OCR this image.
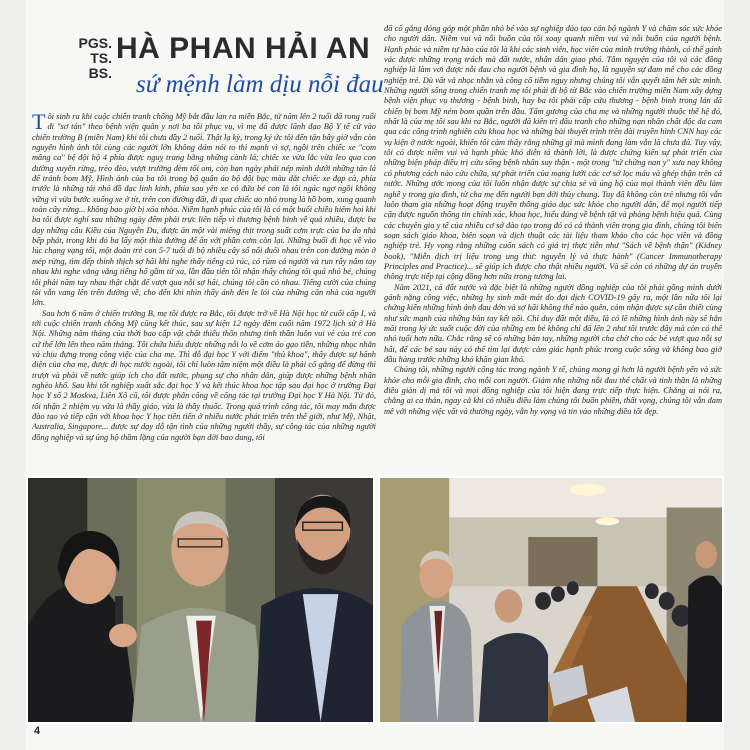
PGS.
TS. BS.
HÀ PHAN HẢI AN
sứ mệnh làm dịu nỗi đau

Tôi sinh ra khi cuộc chiến tranh chống Mỹ bắt đầu lan ra miền Bắc, từ năm lên 2 tuổi đã rong ruổi đi "sơ tán" theo bệnh viện quân y nơi ba tôi phục vụ, vì mẹ đã được lãnh đạo Bộ Y tế cử vào chiến trường B (miền Nam) khi tôi chưa đầy 2 tuổi. Thật lạ kỳ, trong ký ức tôi đến tận bây giờ vẫn còn nguyên hình ảnh tôi cùng các người lớn không dám nói to thì mạnh vì sợ, ngồi trên chiếc xe "com măng ca" bệ đội hộ 4 phía được nguỵ trang bằng những cành lá; chiếc xe vừa lắc vừa leo qua con đường xuyên rừng, trèo đèo, vượt trường đèm tối om, còn bạn ngày phải nép mình dưới những tán lá để tránh bom Mỹ. Hình ảnh của ba tôi trong bộ quân áo bộ đội bạc màu dắt chiếc xe đạp cà, phía trước là những tải nhỏ đồ đạc linh kinh, phía sau yên xe có đứa bé con là tôi ngác ngơ ngồi không vững vì vừa bước xuống xe ở tít, trên con đường đất, đi qua chiếc ao nhỏ trong là hồ bom, xung quanh toàn cây rừng... không bao giờ bị xóa nhòa. Niềm hạnh phúc của tôi là có một buổi chiều hiếm hoi khi ba tôi được nghỉ sau những ngày đêm phải trực liên tiếp vì thương bệnh binh về quá nhiều, được ba dạy những câu Kiều của Nguyễn Du, được ăn một vài miếng thịt trong suất cơm trực của ba do nhà bếp phát, trong khi đó ba lấy một thìa đường để ăn với phần cơm còn lại. Những buổi đi học về vào lúc chạng vạng tối, một đoàn trẻ con 5-7 tuổi đi bộ nhiều cây số nối đuôi nhau trên con đường mòn ở mép rừng, tìm đếp thinh thịch sợ hãi khi nghe thấy tiếng cú rúc, có rùm cả người và run rẩy năm tay nhau khi nghe vẳng vẳng tiếng hổ gầm từ xa, lần đầu tiên tôi nhận thấy chúng tôi quá nhỏ bé, chúng tôi phải năm tay nhau thật chặt để vượt qua nỗi sợ hãi, chúng tôi cần có nhau. Tiếng cười của chúng tôi vẫn vang lên trên đường về, cho đến khi nhìn thấy ánh đèn le lói của những căn nhà của người lớn.

Sau hơn 6 năm ở chiến trường B, mẹ tôi được ra Bắc, tôi được trở về Hà Nội học từ cuối cấp I, và tới cuộc chiến tranh chống Mỹ cũng kết thúc, sau sự kiện 12 ngày đêm cuối năm 1972 lịch sử ở Hà Nội. Những năm tháng của thời bao cấp vật chất thiếu thốn nhưng tinh thần luôn vui vẻ của trẻ con cứ thế lớn lên theo năm tháng. Tôi chứa hiểu được những nỗi lo về cơm áo gạo tiền, những nhọc nhằn và chịu đựng trong công việc của cha mẹ. Thì đỗ đại học Y với điểm "thủ khoa", thấy được sự hãnh diện của cha mẹ, được đi học nước ngoài, tôi chỉ luôn tâm niệm một điều là phải cố gắng để đừng thì trượt và phải về nước giúp ích cho đất nước, phụng sự cho nhân dân, giúp được những bệnh nhân nghèo khổ. Sau khi tốt nghiệp xuất sắc đại học Y và kết thúc khoa học tập sau đại học ở trường Đại học Y số 2 Moskva, Liên Xô cũ, tôi được phân công về công tác tại trường Đại học Y Hà Nội. Từ đó, tôi nhận 2 nhiệm vụ vừa là thầy giáo, vừa là thầy thuốc. Trong quá trình công tác, tôi may mắn được đào tạo và tiếp cận với khoa học Y học tiên tiến ở nhiều nước phát triển trên thế giới, như Mỹ, Nhật, Australia, Singapore... được sự dạy dỗ tận tình của những người thầy, sự công tác của những người đồng nghiệp và sự ủng hộ thầm lặng của người bạn đời bao dung, tôi

đã cố gắng đóng góp một phần nhỏ bé vào sự nghiệp đào tạo cán bộ ngành Y và chăm sóc sức khỏe cho người dân. Niềm vui và nỗi buồn của tôi xoay quanh niềm vui và nỗi buồn của người bệnh. Hạnh phúc và niềm tự hào của tôi là khi các sinh viên, học viên của mình trưởng thành, có thể gánh vác được những trọng trách mà đất nước, nhân dân giao phó. Tâm nguyện của tôi và các đồng nghiệp là làm vơi được nỗi đau cho người bệnh và gia đình họ, là nguyện sự đam mê cho các đồng nghiệp trẻ. Dù vất vả nhọc nhằn và công cố tiềm nguy nhưng chúng tôi vẫn quyết tâm hết sức mình. Những người sống trong chiến tranh mẹ tôi phải đi bộ từ Bắc vào chiến trường miền Nam xây dựng bệnh viện phục vụ thương - bệnh binh, hay ba tôi phải cấp cứu thương - bệnh binh trong lán dã chiến bị bom Mỹ ném bom quần trên đầu. Tấm gương của cha mẹ và những người thuộc thế hệ đó, nhất là của mẹ tôi sau khi ra Bắc, người đã kiên trì đấu tranh cho những nạn nhân chất độc da cam qua các công trình nghiên cứu khoa học và những bài thuyết trình trên đài truyền hình CNN hay các vụ kiện ở nước ngoài, khiến tôi cảm thấy rằng những gì mà mình đang làm vẫn là chưa đủ. Tuy vậy, tôi có được niềm vui và hạnh phúc khó diễn tả thành lời, là được chứng kiến sự phát triển của những biện pháp điều trị cứu sống bệnh nhân suy thận - một trong "tứ chứng nan y" xưa nay không có phương cách nào cứu chữa, sự phát triển của mạng lưới các cơ sở lọc máu và ghép thận trên cả nước. Những ước mong của tôi luôn nhận được sự chia sẻ và ủng hộ của mọi thành viên đều làm nghề y trong gia đình, từ cha mẹ đến người bạn đời thủy chung. Tuy đã không còn trẻ nhưng tôi vẫn luôn tham gia những hoạt động truyền thông giáo dục sức khỏe cho người dân, để mọi người tiếp cận được nguồn thông tin chính xác, khoa học, hiểu đúng về bệnh tật và phòng bệnh hiệu quả. Cùng các chuyên gia y tế của nhiều cơ sở đào tạo trong đó có cả thành viên trong gia đình, chúng tôi biên soạn sách giáo khoa, biên soạn và dịch thuật các tài liệu tham khảo cho các học viên và đồng nghiệp trẻ. Hy vọng rằng những cuốn sách có giá trị thực tiễn như "Sách về bệnh thận" (Kidney book), "Miễn dịch trị liệu trong ung thư: nguyên lý và thực hành" (Cancer Immunotherapy Principles and Practice)... sẽ giúp ích được cho thật nhiều người. Và sẽ còn có những dự án truyền thông trực tiếp tại cộng đồng hơn nữa trong tương lai.

Năm 2021, cả đất nước và đặc biệt là những người đồng nghiệp của tôi phải gồng mình dưới gánh nặng công việc, những hy sinh mất mát do đại dịch COVID-19 gây ra, một lần nữa tôi lại chứng kiến những hình ảnh đau đớn và sợ hãi không thể nào quên, cảm nhận được sự cần thiết cùng như sức mạnh của những bàn tay kết nối. Chỉ duy đất một điều, là có lẽ những hình ảnh này sẽ hằn mãi trong ký ức suốt cuộc đời của những em bé không chỉ đã lên 2 như tôi trước đây mà còn có thể nhỏ tuổi hơn nữa. Chắc rằng sẽ có những bàn tay, những người cha chờ cho các bé vượt qua nỗi sợ hãi, để các bé sau này có thể tìm lại được cảm giác hạnh phúc trong cuộc sống và không bao giờ đầu hàng trước những khó khăn gian khó.

Chúng tôi, những người công tác trong ngành Y tế, chúng mong gì hơn là người bệnh yên và sức khỏe cho mỗi gia đình, cho mỗi con người. Giảm nhẹ những nỗi đau thể chất và tinh thần là những điều giản dị mà tôi và mọi đồng nghiệp của tôi hiện đang trực tiếp thực hiện. Chẳng ai nói ra, chẳng ai ca thán, ngay cả khi có nhiều điều làm chúng tôi buồn phiền, thất vọng, chúng tôi vẫn đam mê với những việc vất vả thường ngày, vẫn hy vọng và tin vào những điều tốt đẹp.

4
